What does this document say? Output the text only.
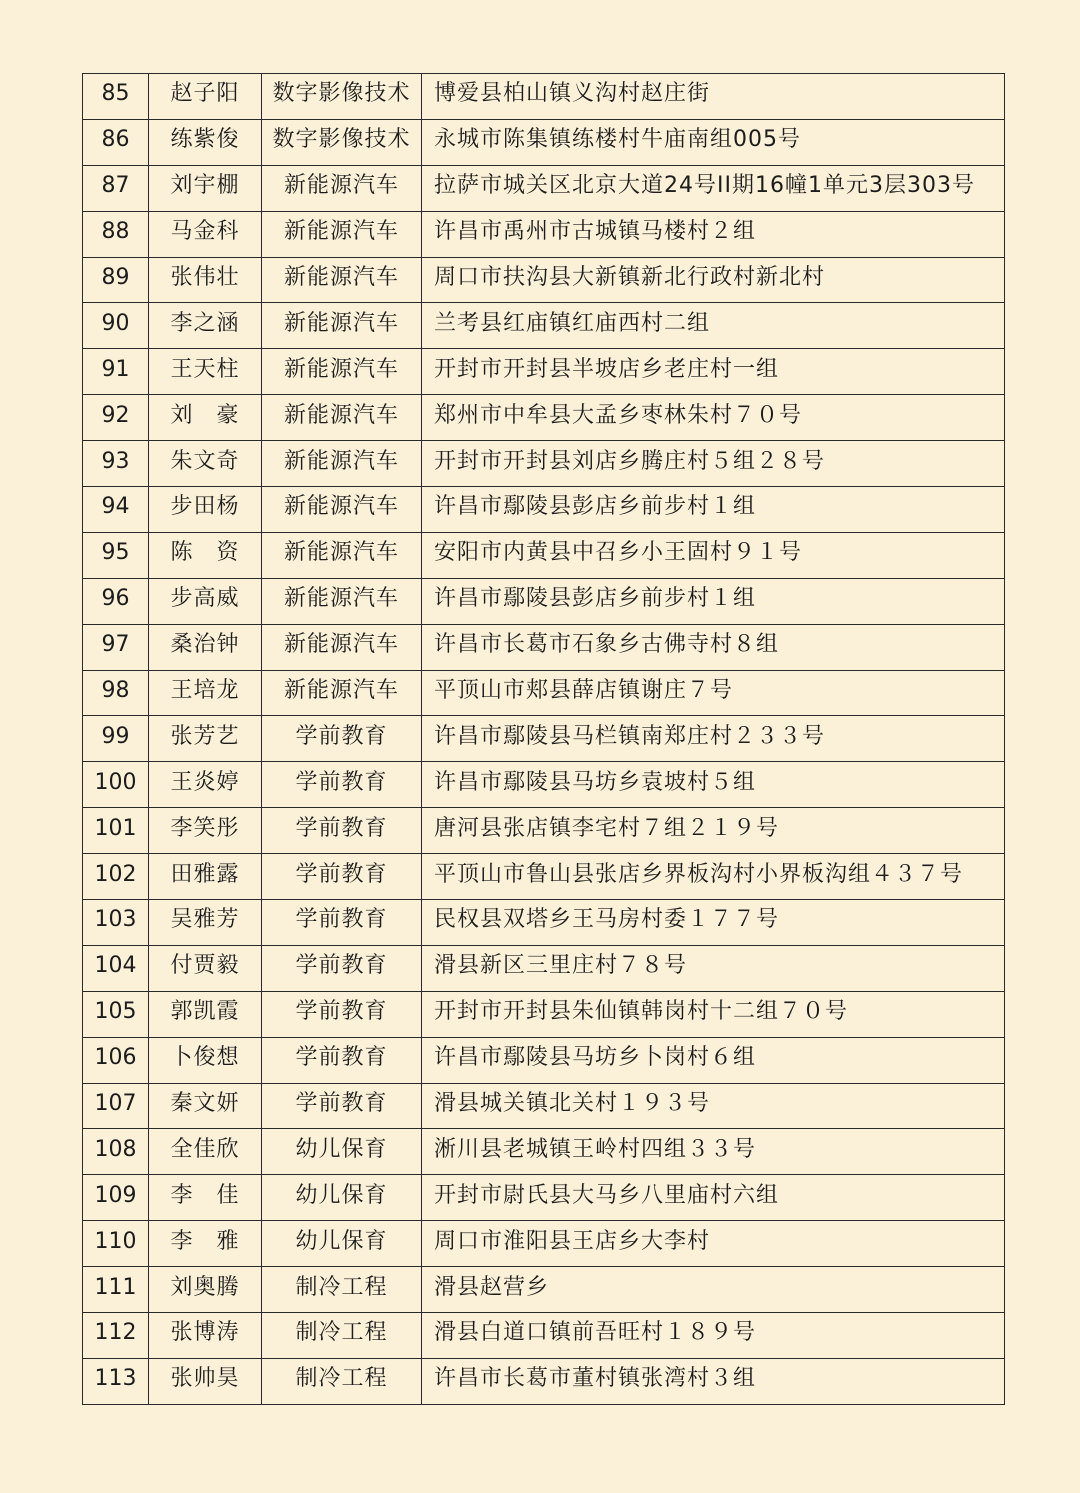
85	赵子阳	数字影像技术	博爱县柏山镇义沟村赵庄街
86	练紫俊	数字影像技术	永城市陈集镇练楼村牛庙南组005号
87	刘宇棚	新能源汽车	拉萨市城关区北京大道24号II期16幢1单元3层303号
88	马金科	新能源汽车	许昌市禹州市古城镇马楼村２组
89	张伟壮	新能源汽车	周口市扶沟县大新镇新北行政村新北村
90	李之涵	新能源汽车	兰考县红庙镇红庙西村二组
91	王天柱	新能源汽车	开封市开封县半坡店乡老庄村一组
92	刘　豪	新能源汽车	郑州市中牟县大孟乡枣林朱村７０号
93	朱文奇	新能源汽车	开封市开封县刘店乡腾庄村５组２８号
94	步田杨	新能源汽车	许昌市鄢陵县彭店乡前步村１组
95	陈　资	新能源汽车	安阳市内黄县中召乡小王固村９１号
96	步高威	新能源汽车	许昌市鄢陵县彭店乡前步村１组
97	桑治钟	新能源汽车	许昌市长葛市石象乡古佛寺村８组
98	王培龙	新能源汽车	平顶山市郏县薛店镇谢庄７号
99	张芳艺	学前教育	许昌市鄢陵县马栏镇南郑庄村２３３号
100	王炎婷	学前教育	许昌市鄢陵县马坊乡袁坡村５组
101	李笑彤	学前教育	唐河县张店镇李宅村７组２１９号
102	田雅露	学前教育	平顶山市鲁山县张店乡界板沟村小界板沟组４３７号
103	吴雅芳	学前教育	民权县双塔乡王马房村委１７７号
104	付贾毅	学前教育	滑县新区三里庄村７８号
105	郭凯霞	学前教育	开封市开封县朱仙镇韩岗村十二组７０号
106	卜俊想	学前教育	许昌市鄢陵县马坊乡卜岗村６组
107	秦文妍	学前教育	滑县城关镇北关村１９３号
108	全佳欣	幼儿保育	淅川县老城镇王岭村四组３３号
109	李　佳	幼儿保育	开封市尉氏县大马乡八里庙村六组
110	李　雅	幼儿保育	周口市淮阳县王店乡大李村
111	刘奥腾	制冷工程	滑县赵营乡
112	张博涛	制冷工程	滑县白道口镇前吾旺村１８９号
113	张帅昊	制冷工程	许昌市长葛市董村镇张湾村３组
